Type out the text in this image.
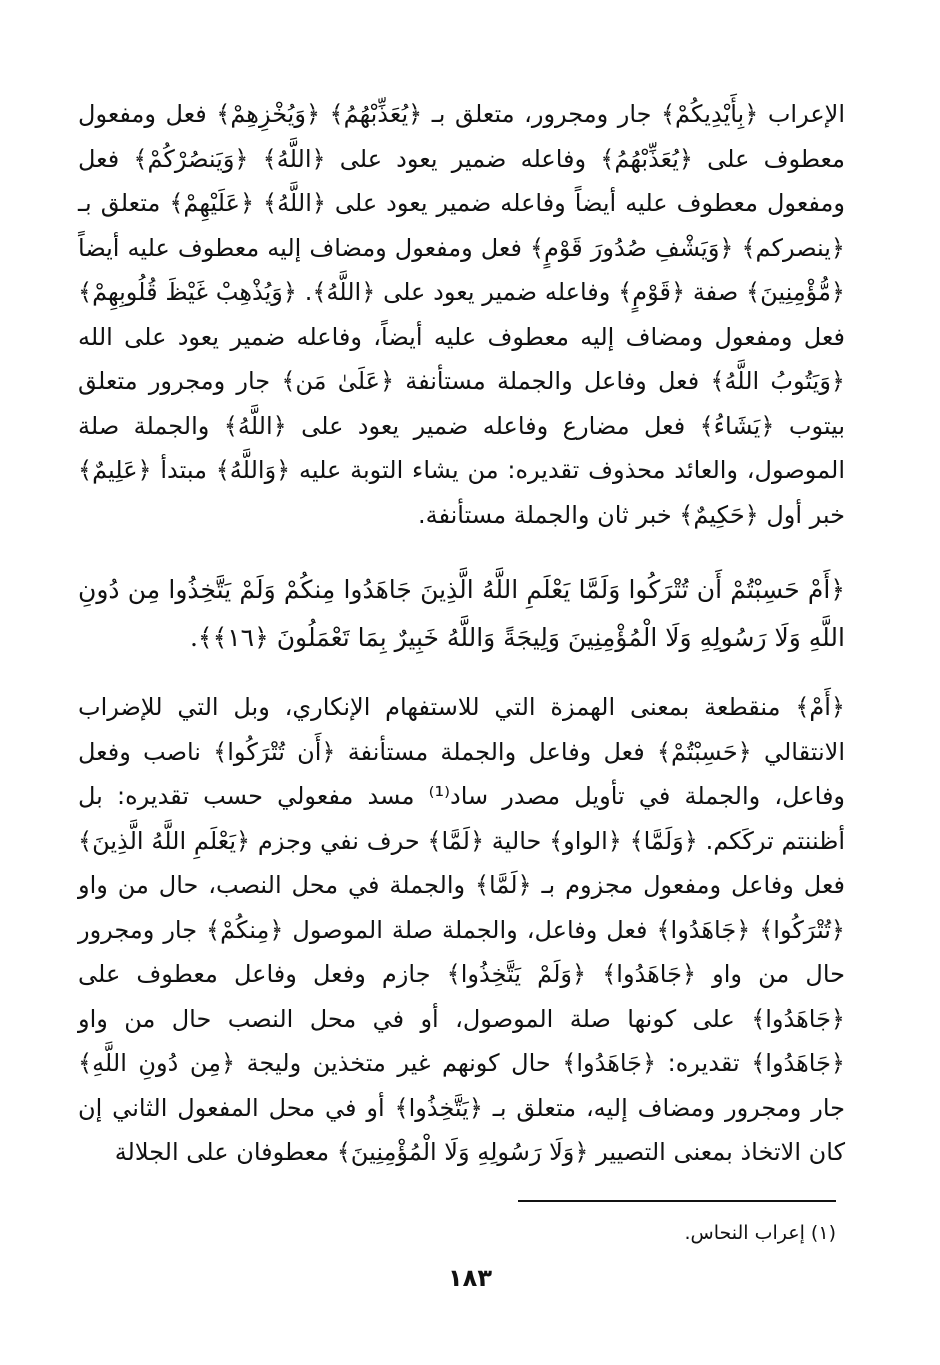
الإعراب ﴿بِأَيْدِيكُمْ﴾ جار ومجرور، متعلق بـ ﴿يُعَذِّبْهُمُ﴾ ﴿وَيُخْزِهِمْ﴾ فعل ومفعول معطوف على ﴿يُعَذِّبْهُمُ﴾ وفاعله ضمير يعود على ﴿اللَّهُ﴾ ﴿وَيَنصُرْكُمْ﴾ فعل ومفعول معطوف عليه أيضاً وفاعله ضمير يعود على ﴿اللَّهُ﴾ ﴿عَلَيْهِمْ﴾ متعلق بـ ﴿ينصركم﴾ ﴿وَيَشْفِ صُدُورَ قَوْمٍ﴾ فعل ومفعول ومضاف إليه معطوف عليه أيضاً ﴿مُّؤْمِنِينَ﴾ صفة ﴿قَوْمٍ﴾ وفاعله ضمير يعود على ﴿اللَّهُ﴾. ﴿وَيُذْهِبْ غَيْظَ قُلُوبِهِمْ﴾ فعل ومفعول ومضاف إليه معطوف عليه أيضاً، وفاعله ضمير يعود على الله ﴿وَيَتُوبُ اللَّهُ﴾ فعل وفاعل والجملة مستأنفة ﴿عَلَىٰ مَن﴾ جار ومجرور متعلق بيتوب ﴿يَشَاءُ﴾ فعل مضارع وفاعله ضمير يعود على ﴿اللَّهُ﴾ والجملة صلة الموصول، والعائد محذوف تقديره: من يشاء التوبة عليه ﴿وَاللَّهُ﴾ مبتدأ ﴿عَلِيمٌ﴾ خبر أول ﴿حَكِيمٌ﴾ خبر ثان والجملة مستأنفة.

﴿أَمْ حَسِبْتُمْ أَن تُتْرَكُوا وَلَمَّا يَعْلَمِ اللَّهُ الَّذِينَ جَاهَدُوا مِنكُمْ وَلَمْ يَتَّخِذُوا مِن دُونِ اللَّهِ وَلَا رَسُولِهِ وَلَا الْمُؤْمِنِينَ وَلِيجَةً وَاللَّهُ خَبِيرٌ بِمَا تَعْمَلُونَ ﴿١٦﴾﴾.

﴿أَمْ﴾ منقطعة بمعنى الهمزة التي للاستفهام الإنكاري، وبل التي للإضراب الانتقالي ﴿حَسِبْتُمْ﴾ فعل وفاعل والجملة مستأنفة ﴿أَن تُتْرَكُوا﴾ ناصب وفعل وفاعل، والجملة في تأويل مصدر ساد⁽¹⁾ مسد مفعولي حسب تقديره: بل أظننتم تركَكم. ﴿وَلَمَّا﴾ ﴿الواو﴾ حالية ﴿لَمَّا﴾ حرف نفي وجزم ﴿يَعْلَمِ اللَّهُ الَّذِينَ﴾ فعل وفاعل ومفعول مجزوم بـ ﴿لَمَّا﴾ والجملة في محل النصب، حال من واو ﴿تُتْرَكُوا﴾ ﴿جَاهَدُوا﴾ فعل وفاعل، والجملة صلة الموصول ﴿مِنكُمْ﴾ جار ومجرور حال من واو ﴿جَاهَدُوا﴾ ﴿وَلَمْ يَتَّخِذُوا﴾ جازم وفعل وفاعل معطوف على ﴿جَاهَدُوا﴾ على كونها صلة الموصول، أو في محل النصب حال من واو ﴿جَاهَدُوا﴾ تقديره: ﴿جَاهَدُوا﴾ حال كونهم غير متخذين وليجة ﴿مِن دُونِ اللَّهِ﴾ جار ومجرور ومضاف إليه، متعلق بـ ﴿يَتَّخِذُوا﴾ أو في محل المفعول الثاني إن كان الاتخاذ بمعنى التصيير ﴿وَلَا رَسُولِهِ وَلَا الْمُؤْمِنِينَ﴾ معطوفان على الجلالة

(١) إعراب النحاس.
١٨٣
